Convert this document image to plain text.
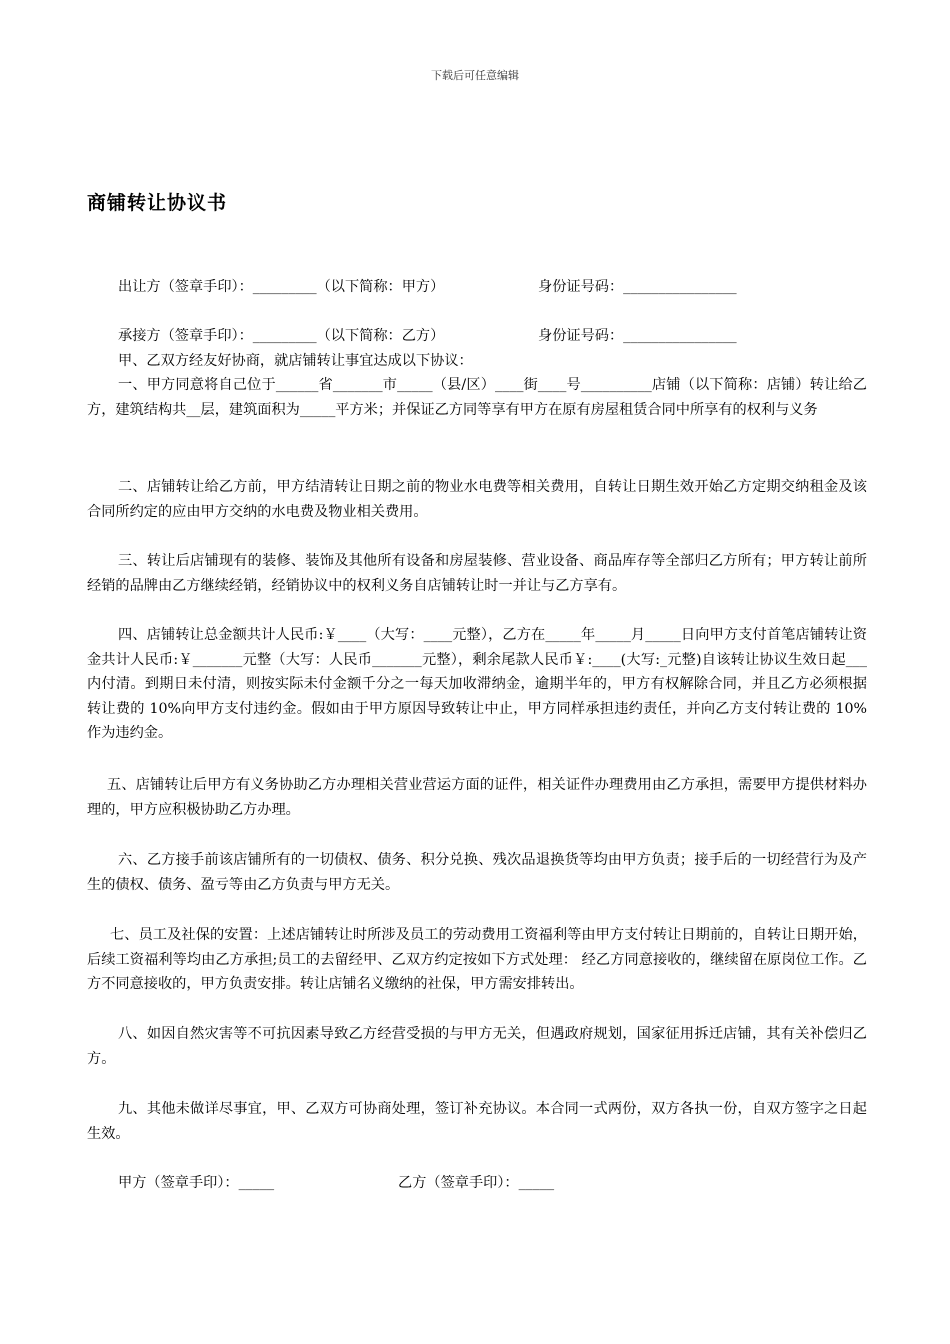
下载后可任意编辑
商铺转让协议书
出让方（签章手印）：_________（以下简称：甲方）	身份证号码：________________
承接方（签章手印）：_________（以下简称：乙方）	身份证号码：________________
甲、乙双方经友好协商，就店铺转让事宜达成以下协议：

一、甲方同意将自己位于______省_______市_____（县/区）____街____号__________店铺（以下简称：店铺）转让给乙方，建筑结构共__层，建筑面积为_____平方米；并保证乙方同等享有甲方在原有房屋租赁合同中所享有的权利与义务

二、店铺转让给乙方前，甲方结清转让日期之前的物业水电费等相关费用，自转让日期生效开始乙方定期交纳租金及该合同所约定的应由甲方交纳的水电费及物业相关费用。

三、转让后店铺现有的装修、装饰及其他所有设备和房屋装修、营业设备、商品库存等全部归乙方所有；甲方转让前所经销的品牌由乙方继续经销，经销协议中的权利义务自店铺转让时一并让与乙方享有。

四、店铺转让总金额共计人民币:￥____（大写：____元整），乙方在_____年_____月_____日向甲方支付首笔店铺转让资金共计人民币:￥_______元整（大写：人民币_______元整），剩余尾款人民币￥:____(大写:_元整)自该转让协议生效日起___内付清。到期日未付清，则按实际未付金额千分之一每天加收滞纳金，逾期半年的，甲方有权解除合同，并且乙方必须根据转让费的 10%向甲方支付违约金。假如由于甲方原因导致转让中止，甲方同样承担违约责任，并向乙方支付转让费的 10%作为违约金。

五、店铺转让后甲方有义务协助乙方办理相关营业营运方面的证件，相关证件办理费用由乙方承担，需要甲方提供材料办理的，甲方应积极协助乙方办理。

六、乙方接手前该店铺所有的一切债权、债务、积分兑换、残次品退换货等均由甲方负责；接手后的一切经营行为及产生的债权、债务、盈亏等由乙方负责与甲方无关。

七、员工及社保的安置：上述店铺转让时所涉及员工的劳动费用工资福利等由甲方支付转让日期前的，自转让日期开始，后续工资福利等均由乙方承担;员工的去留经甲、乙双方约定按如下方式处理： 经乙方同意接收的，继续留在原岗位工作。乙方不同意接收的，甲方负责安排。转让店铺名义缴纳的社保，甲方需安排转出。

八、如因自然灾害等不可抗因素导致乙方经营受损的与甲方无关，但遇政府规划，国家征用拆迁店铺，其有关补偿归乙方。

九、其他未做详尽事宜，甲、乙双方可协商处理，签订补充协议。本合同一式两份，双方各执一份，自双方签字之日起生效。

甲方（签章手印）：_____	乙方（签章手印）：_____
